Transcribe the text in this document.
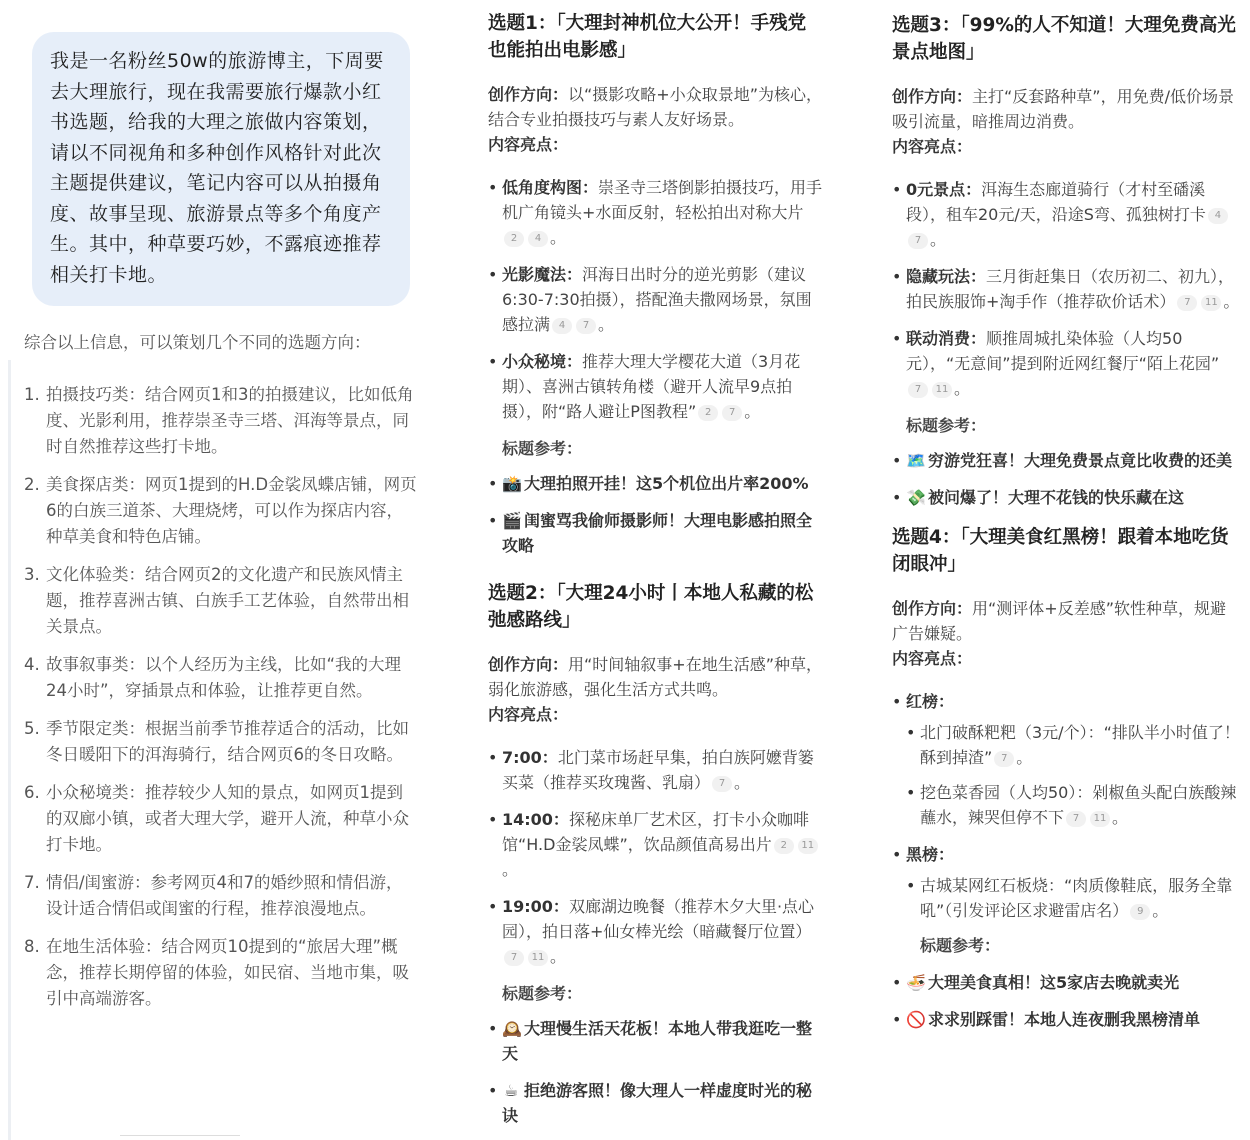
我是一名粉丝50w的旅游博主，下周要去大理旅行，现在我需要旅行爆款小红书选题，给我的大理之旅做内容策划，请以不同视角和多种创作风格针对此次主题提供建议，笔记内容可以从拍摄角度、故事呈现、旅游景点等多个角度产生。其中，种草要巧妙，不露痕迹推荐相关打卡地。
综合以上信息，可以策划几个不同的选题方向：
1. 拍摄技巧类：结合网页1和3的拍摄建议，比如低角度、光影利用，推荐崇圣寺三塔、洱海等景点，同时自然推荐这些打卡地。
2. 美食探店类：网页1提到的H.D金裟凤蝶店铺，网页6的白族三道茶、大理烧烤，可以作为探店内容，种草美食和特色店铺。
3. 文化体验类：结合网页2的文化遗产和民族风情主题，推荐喜洲古镇、白族手工艺体验，自然带出相关景点。
4. 故事叙事类：以个人经历为主线，比如“我的大理24小时”，穿插景点和体验，让推荐更自然。
5. 季节限定类：根据当前季节推荐适合的活动，比如冬日暖阳下的洱海骑行，结合网页6的冬日攻略。
6. 小众秘境类：推荐较少人知的景点，如网页1提到的双廊小镇，或者大理大学，避开人流，种草小众打卡地。
7. 情侣/闺蜜游：参考网页4和7的婚纱照和情侣游，设计适合情侣或闺蜜的行程，推荐浪漫地点。
8. 在地生活体验：结合网页10提到的“旅居大理”概念，推荐长期停留的体验，如民宿、当地市集，吸引中高端游客。
选题1：「大理封神机位大公开！手残党也能拍出电影感」

创作方向：以“摄影攻略+小众取景地”为核心，结合专业拍摄技巧与素人友好场景。

内容亮点：
• 低角度构图：崇圣寺三塔倒影拍摄技巧，用手机广角镜头+水面反射，轻松拍出对称大片2 4 。
• 光影魔法：洱海日出时分的逆光剪影（建议6:30-7:30拍摄），搭配渔夫撒网场景，氛围感拉满 4 7 。
• 小众秘境：推荐大理大学樱花大道（3月花期）、喜洲古镇转角楼（避开人流早9点拍摄），附“路人避让P图教程” 2 7 。
标题参考：
• 📸 大理拍照开挂！这5个机位出片率200%
• 🎬 闺蜜骂我偷师摄影师！大理电影感拍照全攻略
选题2：「大理24小时丨本地人私藏的松弛感路线」

创作方向：用“时间轴叙事+在地生活感”种草，弱化旅游感，强化生活方式共鸣。

内容亮点：
• 7:00：北门菜市场赶早集，拍白族阿嬷背篓买菜（推荐买玫瑰酱、乳扇） 7 。
• 14:00：探秘床单厂艺术区，打卡小众咖啡馆“H.D金裟凤蝶”，饮品颜值高易出片 2 11。
• 19:00：双廊湖边晚餐（推荐木夕大里·点心园），拍日落+仙女棒光绘（暗藏餐厅位置）7 11 。
标题参考：
• 🕰️ 大理慢生活天花板！本地人带我逛吃一整天
• ☕ 拒绝游客照！像大理人一样虚度时光的秘诀
选题3：「99%的人不知道！大理免费高光景点地图」

创作方向：主打“反套路种草”，用免费/低价场景吸引流量，暗推周边消费。

内容亮点：
• 0元景点：洱海生态廊道骑行（才村至磻溪段），租车20元/天，沿途S弯、孤独树打卡 47 。
• 隐藏玩法：三月街赶集日（农历初二、初九），拍民族服饰+淘手作（推荐砍价话术） 7 11 。
• 联动消费：顺推周城扎染体验（人均50元），“无意间”提到附近网红餐厅“陌上花园”7 11 。
标题参考：
• 🗺️ 穷游党狂喜！大理免费景点竟比收费的还美
• 💸 被问爆了！大理不花钱的快乐藏在这
选题4：「大理美食红黑榜！跟着本地吃货闭眼冲」

创作方向：用“测评体+反差感”软性种草，规避广告嫌疑。

内容亮点：
• 红榜：
• 北门破酥粑粑（3元/个）：“排队半小时值了！酥到掉渣” 7 。
• 挖色菜香园（人均50）：剁椒鱼头配白族酸辣蘸水，辣哭但停不下 7 11 。
• 黑榜：
• 古城某网红石板烧：“肉质像鞋底，服务全靠吼”（引发评论区求避雷店名） 9 。
标题参考：
• 🍜 大理美食真相！这5家店去晚就卖光
• 🚫 求求别踩雷！本地人连夜删我黑榜清单
